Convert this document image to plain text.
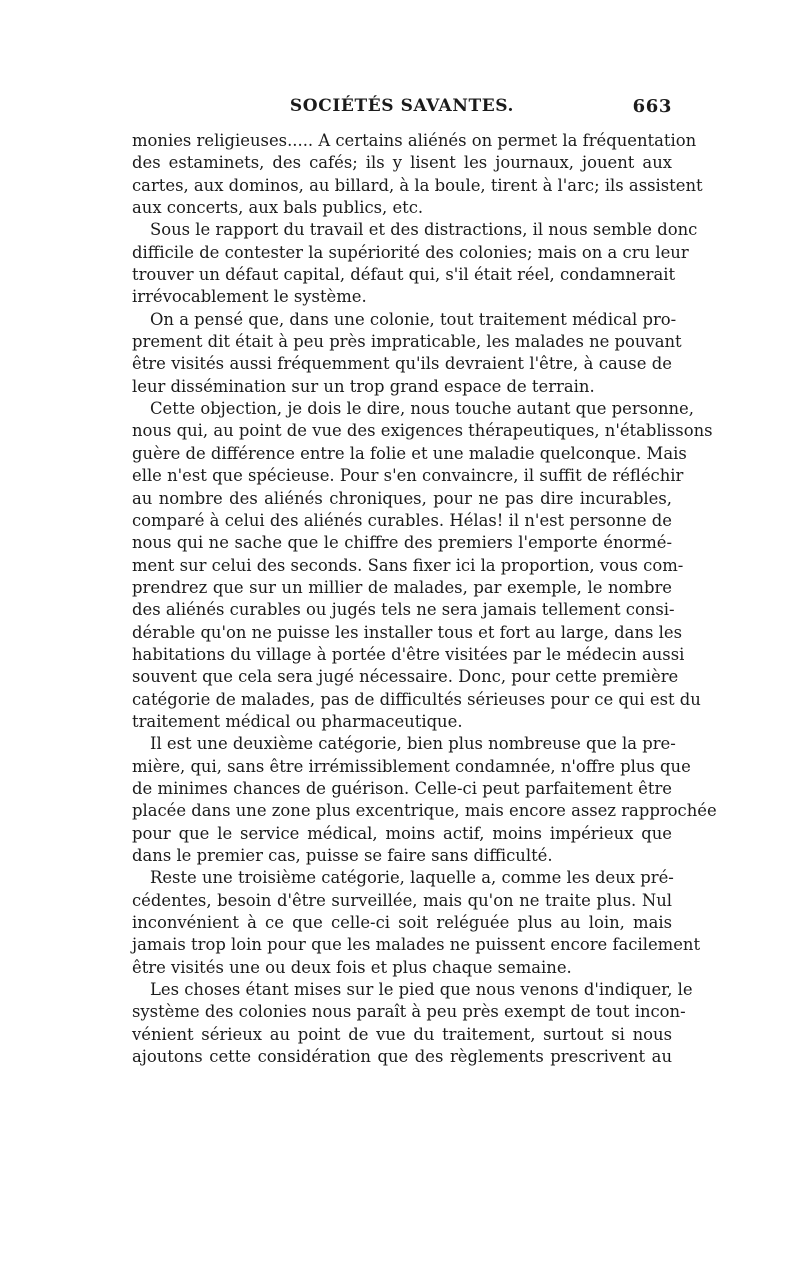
SOCIÉTÉS SAVANTES.	663
monies religieuses..... A certains aliénés on permet la fréquentation
des estaminets, des cafés; ils y lisent les journaux, jouent aux
cartes, aux dominos, au billard, à la boule, tirent à l'arc; ils assistent
aux concerts, aux bals publics, etc.
Sous le rapport du travail et des distractions, il nous semble donc
difficile de contester la supériorité des colonies; mais on a cru leur
trouver un défaut capital, défaut qui, s'il était réel, condamnerait
irrévocablement le système.
On a pensé que, dans une colonie, tout traitement médical pro-
prement dit était à peu près impraticable, les malades ne pouvant
être visités aussi fréquemment qu'ils devraient l'être, à cause de
leur dissémination sur un trop grand espace de terrain.
Cette objection, je dois le dire, nous touche autant que personne,
nous qui, au point de vue des exigences thérapeutiques, n'établissons
guère de différence entre la folie et une maladie quelconque. Mais
elle n'est que spécieuse. Pour s'en convaincre, il suffit de réfléchir
au nombre des aliénés chroniques, pour ne pas dire incurables,
comparé à celui des aliénés curables. Hélas! il n'est personne de
nous qui ne sache que le chiffre des premiers l'emporte énormé-
ment sur celui des seconds. Sans fixer ici la proportion, vous com-
prendrez que sur un millier de malades, par exemple, le nombre
des aliénés curables ou jugés tels ne sera jamais tellement consi-
dérable qu'on ne puisse les installer tous et fort au large, dans les
habitations du village à portée d'être visitées par le médecin aussi
souvent que cela sera jugé nécessaire. Donc, pour cette première
catégorie de malades, pas de difficultés sérieuses pour ce qui est du
traitement médical ou pharmaceutique.
Il est une deuxième catégorie, bien plus nombreuse que la pre-
mière, qui, sans être irrémissiblement condamnée, n'offre plus que
de minimes chances de guérison. Celle-ci peut parfaitement être
placée dans une zone plus excentrique, mais encore assez rapprochée
pour que le service médical, moins actif, moins impérieux que
dans le premier cas, puisse se faire sans difficulté.
Reste une troisième catégorie, laquelle a, comme les deux pré-
cédentes, besoin d'être surveillée, mais qu'on ne traite plus. Nul
inconvénient à ce que celle-ci soit reléguée plus au loin, mais
jamais trop loin pour que les malades ne puissent encore facilement
être visités une ou deux fois et plus chaque semaine.
Les choses étant mises sur le pied que nous venons d'indiquer, le
système des colonies nous paraît à peu près exempt de tout incon-
vénient sérieux au point de vue du traitement, surtout si nous
ajoutons cette considération que des règlements prescrivent au
